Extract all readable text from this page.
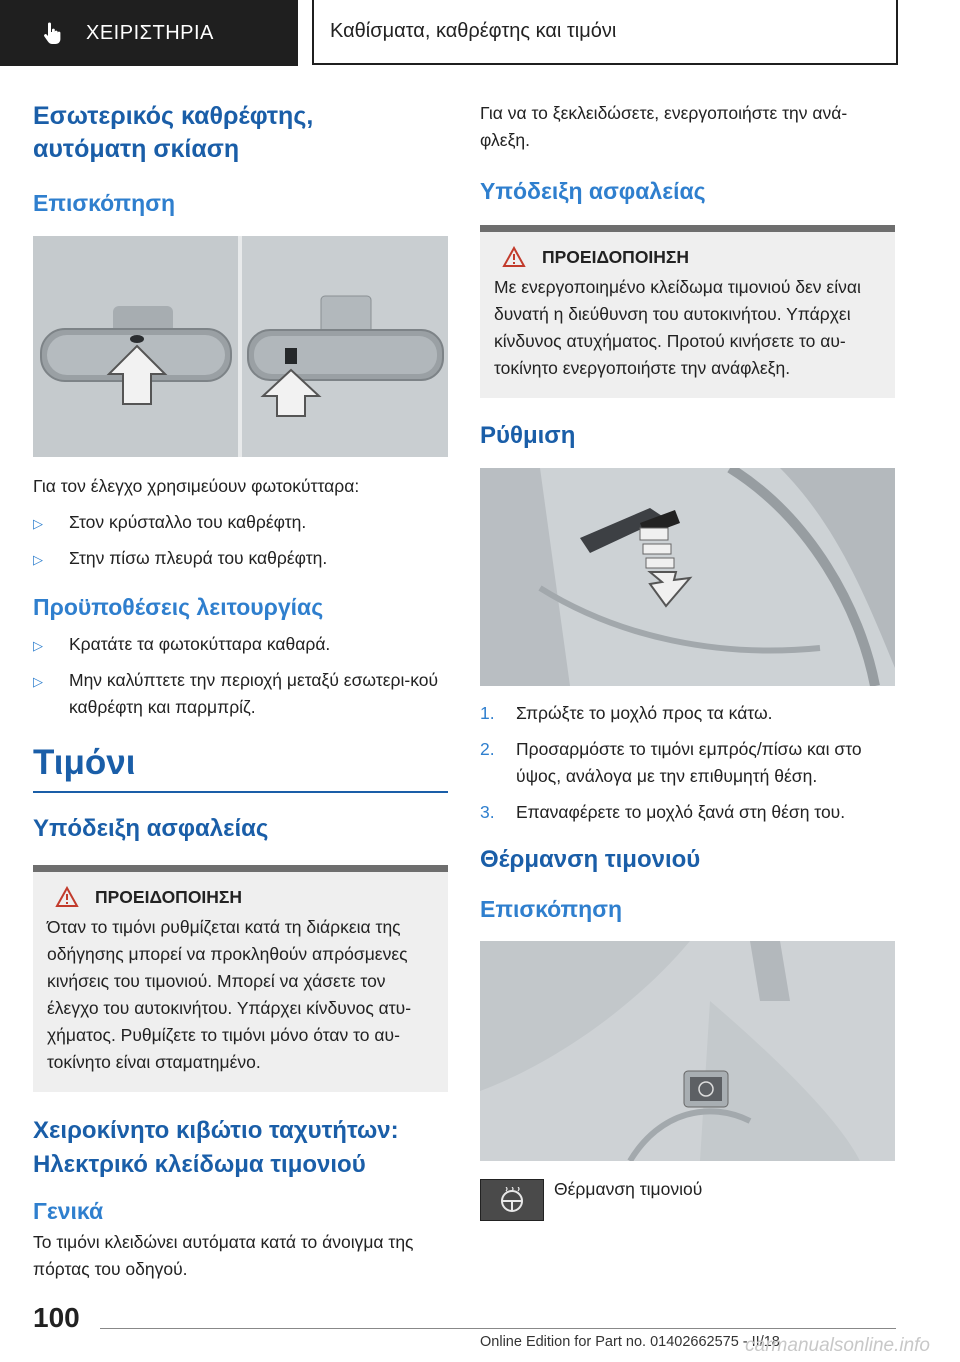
ΧΕΙΡΙΣΤΗΡΙΑ	Καθίσματα, καθρέφτης και τιμόνι
Εσωτερικός καθρέφτης, αυτόματη σκίαση
Επισκόπηση

Για τον έλεγχο χρησιμεύουν φωτοκύτταρα:

▷ Στον κρύσταλλο του καθρέφτη.
▷ Στην πίσω πλευρά του καθρέφτη.
Προϋποθέσεις λειτουργίας
▷ Κρατάτε τα φωτοκύτταρα καθαρά.
▷ Μην καλύπτετε την περιοχή μεταξύ εσωτερι-κού καθρέφτη και παρμπρίζ.
Τιμόνι
Υπόδειξη ασφαλείας
ΠΡΟΕΙΔΟΠΟΙΗΣΗ
Όταν το τιμόνι ρυθμίζεται κατά τη διάρκεια της οδήγησης μπορεί να προκληθούν απρόσμενες κινήσεις του τιμονιού. Μπορεί να χάσετε τον έλεγχο του αυτοκινήτου. Υπάρχει κίνδυνος ατυ-χήματος. Ρυθμίζετε το τιμόνι μόνο όταν το αυ-τοκίνητο είναι σταματημένο.
Χειροκίνητο κιβώτιο ταχυτήτων: Ηλεκτρικό κλείδωμα τιμονιού
Γενικά

Το τιμόνι κλειδώνει αυτόματα κατά το άνοιγμα της πόρτας του οδηγού.

Για να το ξεκλειδώσετε, ενεργοποιήστε την ανά-φλεξη.

Υπόδειξη ασφαλείας
ΠΡΟΕΙΔΟΠΟΙΗΣΗ
Με ενεργοποιημένο κλείδωμα τιμονιού δεν είναι δυνατή η διεύθυνση του αυτοκινήτου. Υπάρχει κίνδυνος ατυχήματος. Προτού κινήσετε το αυ-τοκίνητο ενεργοποιήστε την ανάφλεξη.
Ρύθμιση
1. Σπρώξτε το μοχλό προς τα κάτω.
2. Προσαρμόστε το τιμόνι εμπρός/πίσω και στο ύψος, ανάλογα με την επιθυμητή θέση.
3. Επαναφέρετε το μοχλό ξανά στη θέση του.
Θέρμανση τιμονιού
Επισκόπηση
Θέρμανση τιμονιού
100
Online Edition for Part no. 01402662575 - II/18
carmanualsonline.info
